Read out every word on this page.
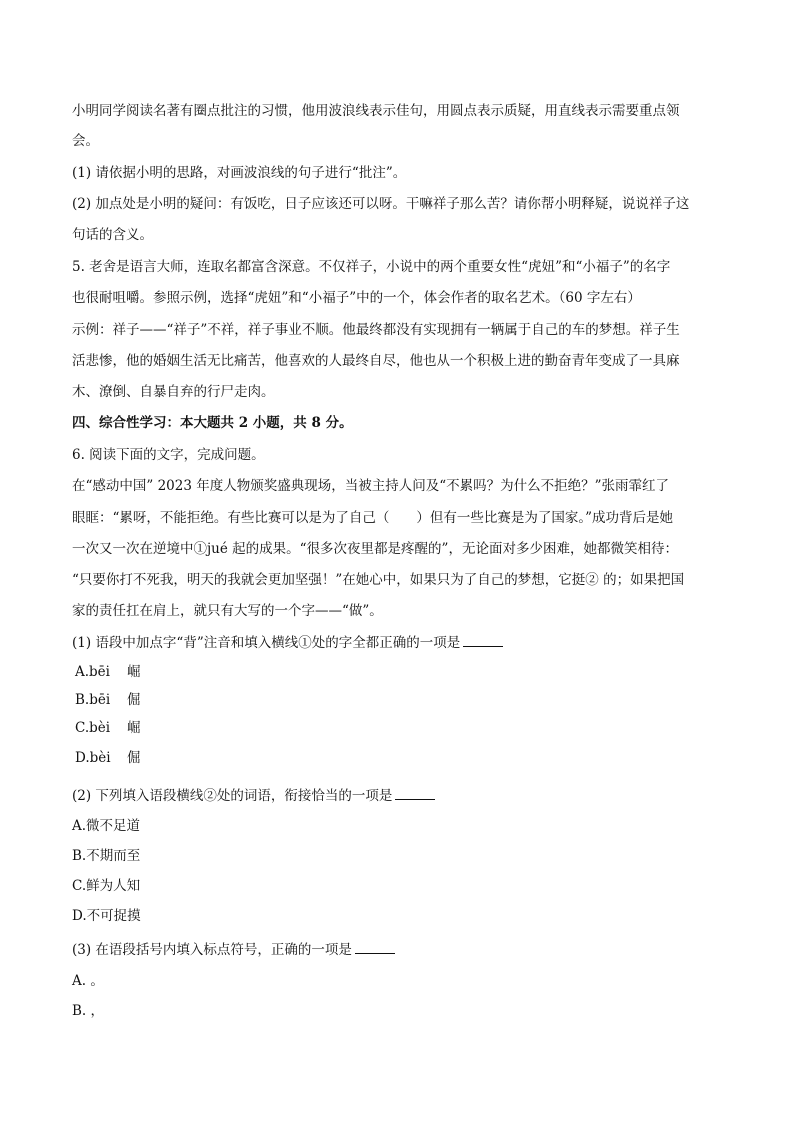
小明同学阅读名著有圈点批注的习惯，他用波浪线表示佳句，用圆点表示质疑，用直线表示需要重点领
会。
(1) 请依据小明的思路，对画波浪线的句子进行“批注”。
(2) 加点处是小明的疑问：有饭吃，日子应该还可以呀。干嘛祥子那么苦？请你帮小明释疑，说说祥子这
句话的含义。
5. 老舍是语言大师，连取名都富含深意。不仅祥子，小说中的两个重要女性“虎妞”和“小福子”的名字
也很耐咀嚼。参照示例，选择“虎妞”和“小福子”中的一个，体会作者的取名艺术。（60 字左右）
示例：祥子——“祥子”不祥，祥子事业不顺。他最终都没有实现拥有一辆属于自己的车的梦想。祥子生
活悲惨，他的婚姻生活无比痛苦，他喜欢的人最终自尽，他也从一个积极上进的勤奋青年变成了一具麻
木、潦倒、自暴自弃的行尸走肉。
四、综合性学习：本大题共 2 小题，共 8 分。
6. 阅读下面的文字，完成问题。
在“感动中国” 2023 年度人物颁奖盛典现场，当被主持人问及“不累吗？为什么不拒绝？”张雨霏红了
眼眶：“累呀，不能拒绝。有些比赛可以是为了自己（　　）但有一些比赛是为了国家。”成功背后是她
一次又一次在逆境中①jué 起的成果。“很多次夜里都是疼醒的”，无论面对多少困难，她都微笑相待：
“只要你打不死我，明天的我就会更加坚强！”在她心中，如果只为了自己的梦想，它挺② 的；如果把国
家的责任扛在肩上，就只有大写的一个字——“做”。
(1) 语段中加点字“背”注音和填入横线①处的字全都正确的一项是
A.bēi 崛
B.bēi 倔
C.bèi 崛
D.bèi 倔
(2) 下列填入语段横线②处的词语，衔接恰当的一项是
A.微不足道
B.不期而至
C.鲜为人知
D.不可捉摸
(3) 在语段括号内填入标点符号，正确的一项是
A. 。
B. ，
